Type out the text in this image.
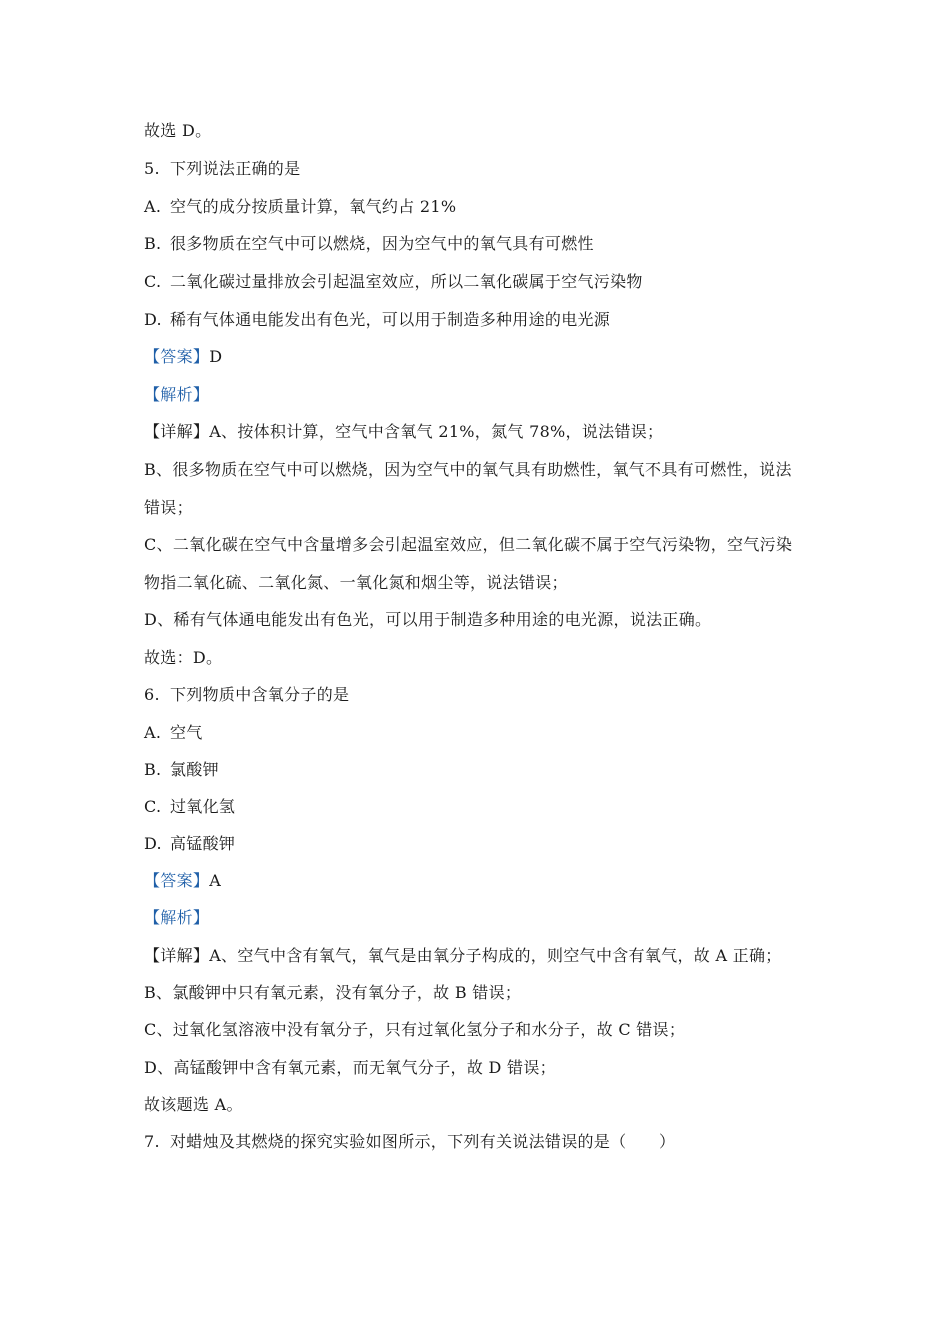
故选 D。
5. 下列说法正确的是
A. 空气的成分按质量计算，氧气约占 21%
B. 很多物质在空气中可以燃烧，因为空气中的氧气具有可燃性
C. 二氧化碳过量排放会引起温室效应，所以二氧化碳属于空气污染物
D. 稀有气体通电能发出有色光，可以用于制造多种用途的电光源
【答案】D
【解析】
【详解】A、按体积计算，空气中含氧气 21%，氮气 78%，说法错误；
B、很多物质在空气中可以燃烧，因为空气中的氧气具有助燃性，氧气不具有可燃性，说法
错误；
C、二氧化碳在空气中含量增多会引起温室效应，但二氧化碳不属于空气污染物，空气污染
物指二氧化硫、二氧化氮、一氧化氮和烟尘等，说法错误；
D、稀有气体通电能发出有色光，可以用于制造多种用途的电光源，说法正确。
故选：D。
6. 下列物质中含氧分子的是
A. 空气
B. 氯酸钾
C. 过氧化氢
D. 高锰酸钾
【答案】A
【解析】
【详解】A、空气中含有氧气，氧气是由氧分子构成的，则空气中含有氧气，故 A 正确；
B、氯酸钾中只有氧元素，没有氧分子，故 B 错误；
C、过氧化氢溶液中没有氧分子，只有过氧化氢分子和水分子，故 C 错误；
D、高锰酸钾中含有氧元素，而无氧气分子，故 D 错误；
故该题选 A。
7. 对蜡烛及其燃烧的探究实验如图所示，下列有关说法错误的是（　　）
